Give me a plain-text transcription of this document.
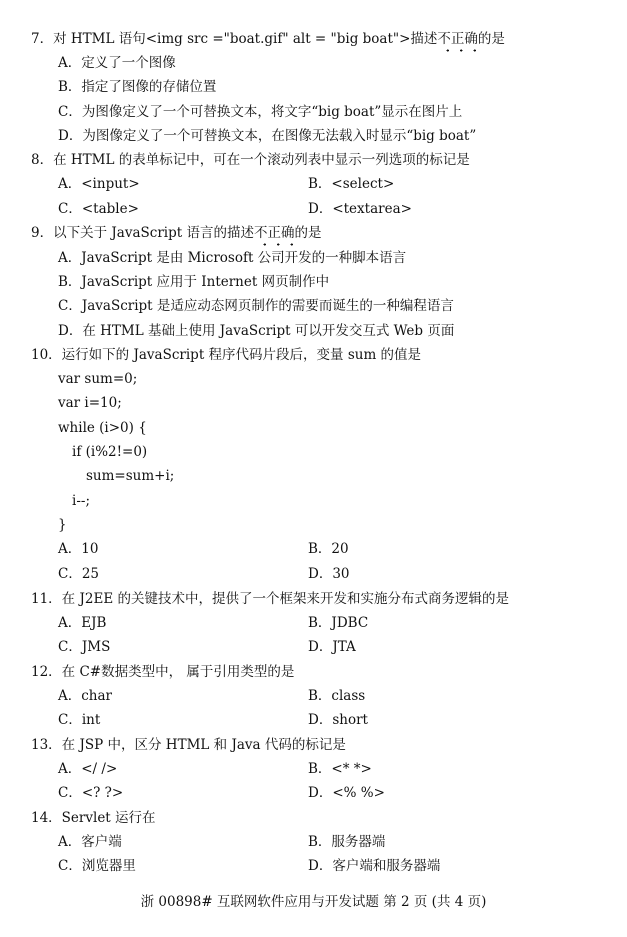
7．对 HTML 语句<img src ="boat.gif" alt = "big boat">描述不正确的是
A．定义了一个图像
B．指定了图像的存储位置
C．为图像定义了一个可替换文本，将文字“big boat”显示在图片上
D．为图像定义了一个可替换文本，在图像无法载入时显示“big boat”
8．在 HTML 的表单标记中，可在一个滚动列表中显示一列选项的标记是
A．<input>	B．<select>
C．<table>	D．<textarea>
9．以下关于 JavaScript 语言的描述不正确的是
A．JavaScript 是由 Microsoft 公司开发的一种脚本语言
B．JavaScript 应用于 Internet 网页制作中
C．JavaScript 是适应动态网页制作的需要而诞生的一种编程语言
D．在 HTML 基础上使用 JavaScript 可以开发交互式 Web 页面
10．运行如下的 JavaScript 程序代码片段后，变量 sum 的值是
var sum=0;
var i=10;
while (i>0) {
if (i%2!=0)
sum=sum+i;
i--;
}
A．10	B．20
C．25	D．30
11．在 J2EE 的关键技术中，提供了一个框架来开发和实施分布式商务逻辑的是
A．EJB	B．JDBC
C．JMS	D．JTA
12．在 C#数据类型中， 属于引用类型的是
A．char	B．class
C．int	D．short
13．在 JSP 中，区分 HTML 和 Java 代码的标记是
A．</ />	B．<* *>
C．<? ?>	D．<% %>
14．Servlet 运行在
A．客户端	B．服务器端
C．浏览器里	D．客户端和服务器端
浙 00898# 互联网软件应用与开发试题 第 2 页 (共 4 页)
